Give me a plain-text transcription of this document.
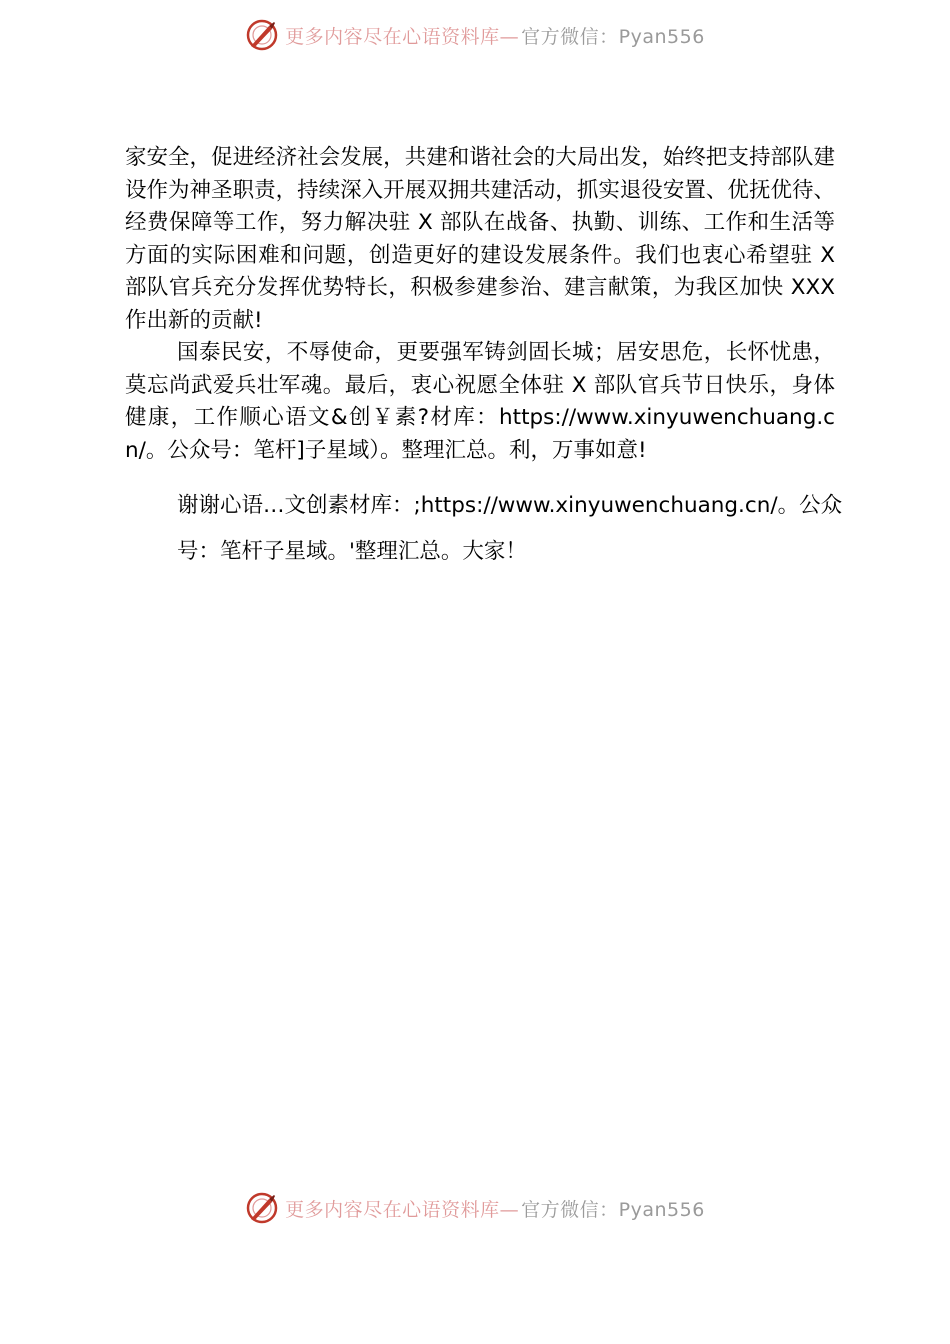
更多内容尽在心语资料库— 官方微信：Pyan556

家安全，促进经济社会发展，共建和谐社会的大局出发，始终把支持部队建设作为神圣职责，持续深入开展双拥共建活动，抓实退役安置、优抚优待、经费保障等工作，努力解决驻 X 部队在战备、执勤、训练、工作和生活等方面的实际困难和问题，创造更好的建设发展条件。我们也衷心希望驻 X 部队官兵充分发挥优势特长，积极参建参治、建言献策，为我区加快 XXX 作出新的贡献!

国泰民安，不辱使命，更要强军铸剑固长城；居安思危，长怀忧患，莫忘尚武爱兵壮军魂。最后，衷心祝愿全体驻 X 部队官兵节日快乐，身体健康，工作顺心语文&创￥素?材库：https://www.xinyuwenchuang.cn/。公众号：笔杆]子星域）。整理汇总。利，万事如意!

谢谢心语…文创素材库：;https://www.xinyuwenchuang.cn/。公众号：笔杆子星域。'整理汇总。大家！

更多内容尽在心语资料库— 官方微信：Pyan556
